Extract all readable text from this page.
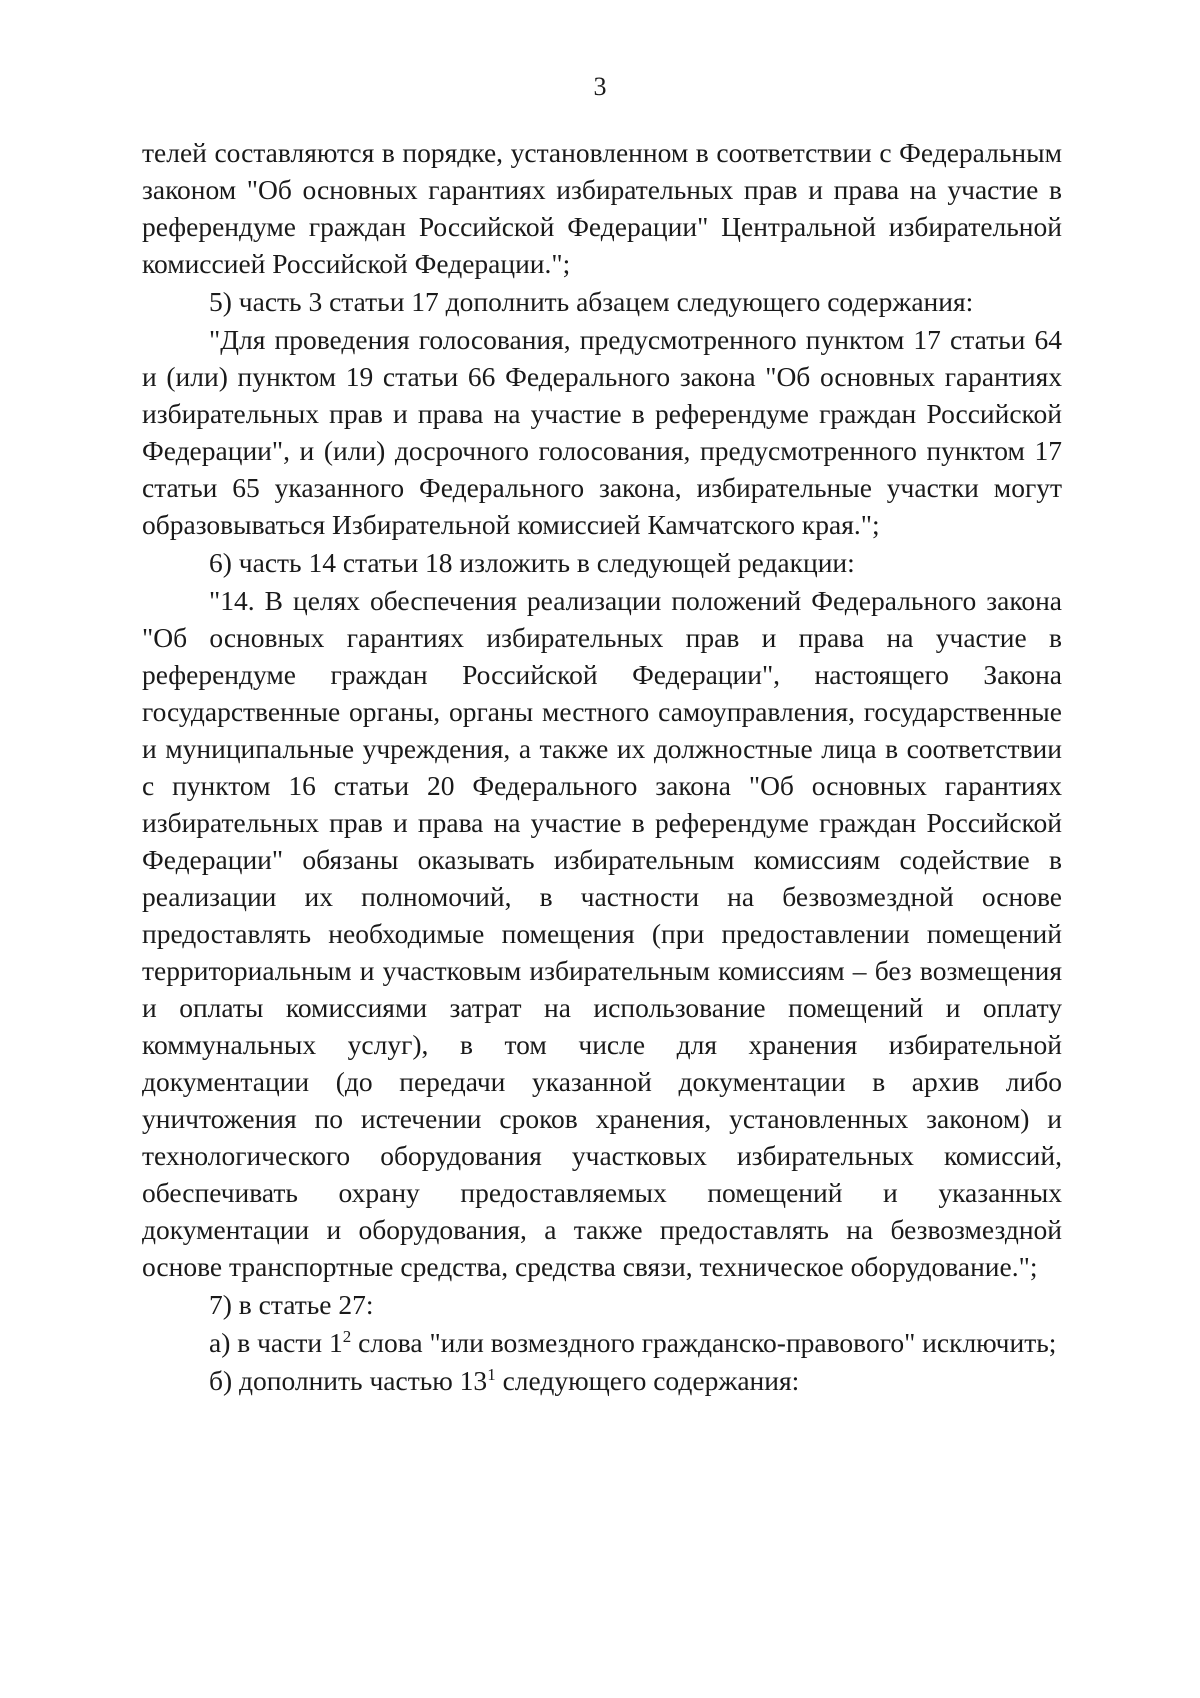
3

телей составляются в порядке, установленном в соответствии с Федеральным законом "Об основных гарантиях избирательных прав и права на участие в референдуме граждан Российской Федерации" Центральной избирательной комиссией Российской Федерации.";

5) часть 3 статьи 17 дополнить абзацем следующего содержания:

"Для проведения голосования, предусмотренного пунктом 17 статьи 64 и (или) пунктом 19 статьи 66 Федерального закона "Об основных гарантиях избирательных прав и права на участие в референдуме граждан Российской Федерации", и (или) досрочного голосования, предусмотренного пунктом 17 статьи 65 указанного Федерального закона, избирательные участки могут образовываться Избирательной комиссией Камчатского края.";

6) часть 14 статьи 18 изложить в следующей редакции:

"14. В целях обеспечения реализации положений Федерального закона "Об основных гарантиях избирательных прав и права на участие в референдуме граждан Российской Федерации", настоящего Закона государственные органы, органы местного самоуправления, государственные и муниципальные учреждения, а также их должностные лица в соответствии с пунктом 16 статьи 20 Федерального закона "Об основных гарантиях избирательных прав и права на участие в референдуме граждан Российской Федерации" обязаны оказывать избирательным комиссиям содействие в реализации их полномочий, в частности на безвозмездной основе предоставлять необходимые помещения (при предоставлении помещений территориальным и участковым избирательным комиссиям – без возмещения и оплаты комиссиями затрат на использование помещений и оплату коммунальных услуг), в том числе для хранения избирательной документации (до передачи указанной документации в архив либо уничтожения по истечении сроков хранения, установленных законом) и технологического оборудования участковых избирательных комиссий, обеспечивать охрану предоставляемых помещений и указанных документации и оборудования, а также предоставлять на безвозмездной основе транспортные средства, средства связи, техническое оборудование.";

7) в статье 27:

а) в части $1^2$ слова "или возмездного гражданско-правового" исключить;

б) дополнить частью $13^1$ следующего содержания:
